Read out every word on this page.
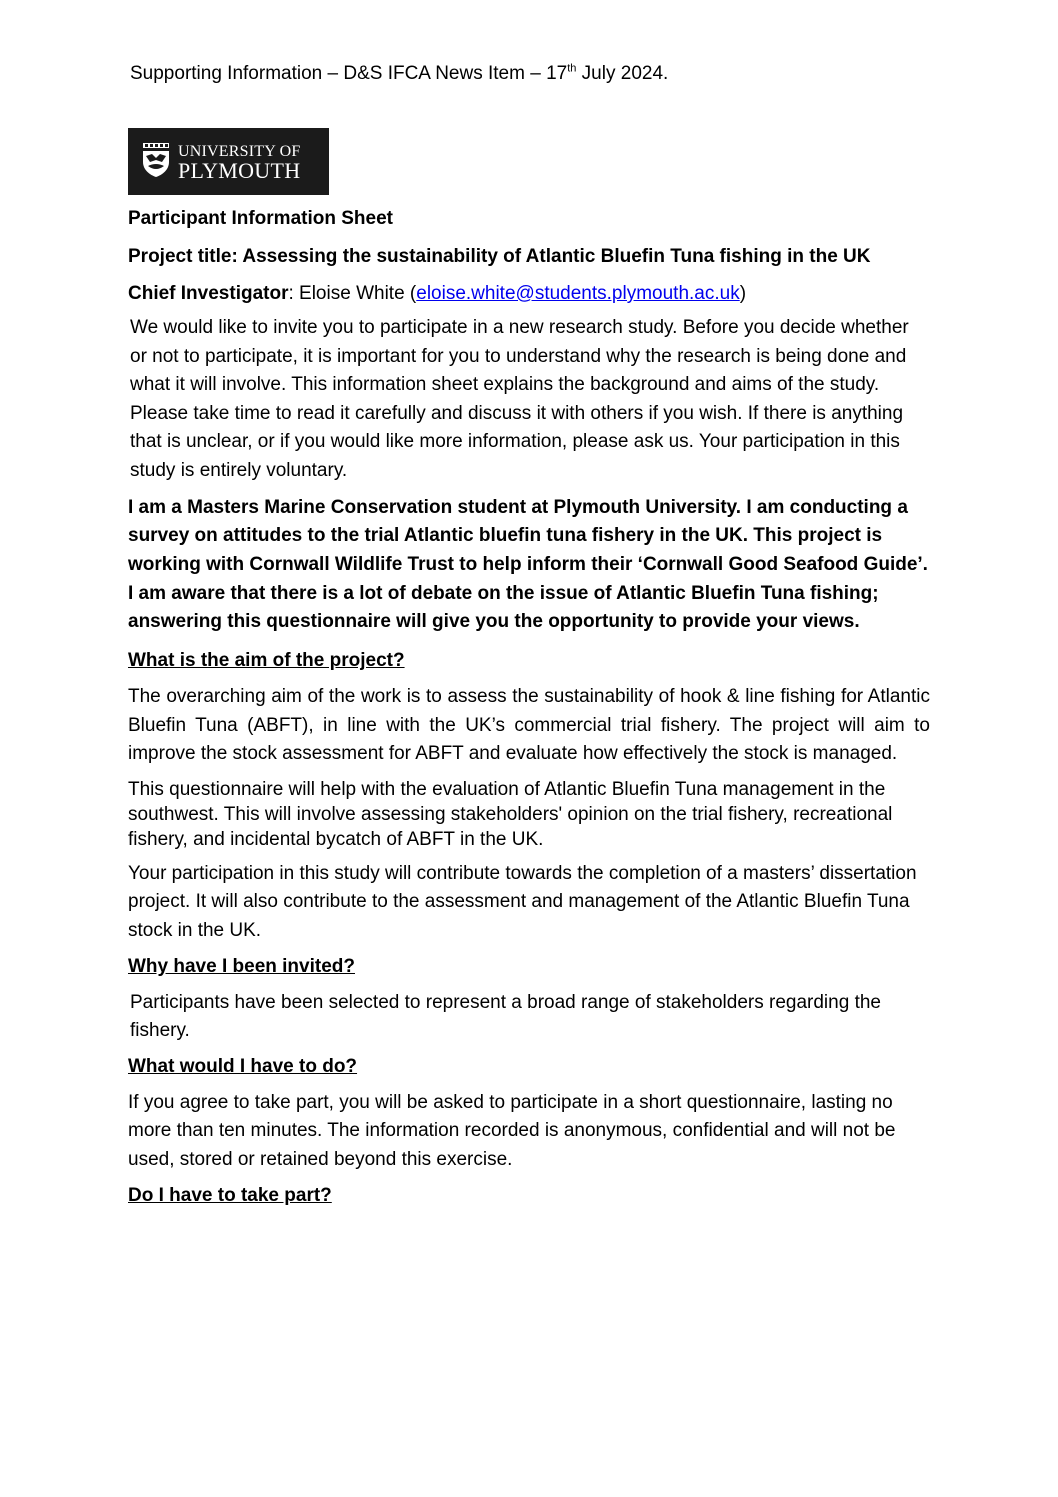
Supporting Information – D&S IFCA News Item – 17th July 2024.
UNIVERSITY OF
PLYMOUTH
Participant Information Sheet
Project title: Assessing the sustainability of Atlantic Bluefin Tuna fishing in the UK
Chief Investigator: Eloise White (eloise.white@students.plymouth.ac.uk)

We would like to invite you to participate in a new research study. Before you decide whether or not to participate, it is important for you to understand why the research is being done and what it will involve. This information sheet explains the background and aims of the study. Please take time to read it carefully and discuss it with others if you wish. If there is anything that is unclear, or if you would like more information, please ask us. Your participation in this study is entirely voluntary.

I am a Masters Marine Conservation student at Plymouth University. I am conducting a survey on attitudes to the trial Atlantic bluefin tuna fishery in the UK. This project is working with Cornwall Wildlife Trust to help inform their ‘Cornwall Good Seafood Guide’. I am aware that there is a lot of debate on the issue of Atlantic Bluefin Tuna fishing; answering this questionnaire will give you the opportunity to provide your views.

What is the aim of the project?

The overarching aim of the work is to assess the sustainability of hook & line fishing for Atlantic Bluefin Tuna (ABFT), in line with the UK’s commercial trial fishery. The project will aim to improve the stock assessment for ABFT and evaluate how effectively the stock is managed.

This questionnaire will help with the evaluation of Atlantic Bluefin Tuna management in the southwest. This will involve assessing stakeholders' opinion on the trial fishery, recreational fishery, and incidental bycatch of ABFT in the UK.

Your participation in this study will contribute towards the completion of a masters’ dissertation project. It will also contribute to the assessment and management of the Atlantic Bluefin Tuna stock in the UK.

Why have I been invited?

Participants have been selected to represent a broad range of stakeholders regarding the fishery.

What would I have to do?

If you agree to take part, you will be asked to participate in a short questionnaire, lasting no more than ten minutes. The information recorded is anonymous, confidential and will not be used, stored or retained beyond this exercise.

Do I have to take part?
